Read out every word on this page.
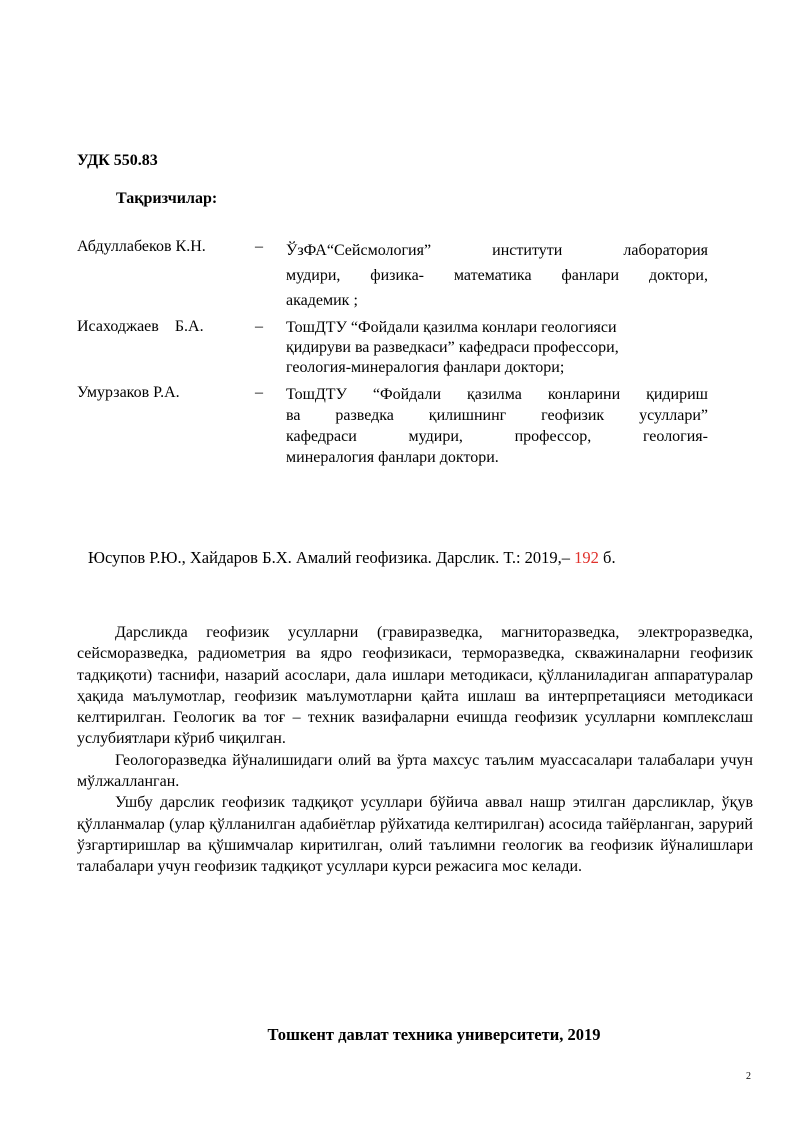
УДК 550.83
Тақризчилар:
Абдуллабеков К.Н.	– ЎзФА“Сейсмология” институти лаборатория
мудири, физика- математика фанлари доктори,
академик ;
Исаходжаев    Б.А.	– ТошДТУ “Фойдали қазилма конлари геологияси
қидируви ва разведкаси” кафедраси профессори,
геология-минералогия фанлари доктори;
Умурзаков Р.А.	– ТошДТУ “Фойдали қазилма конларини қидириш
ва разведка қилишнинг геофизик усуллари”
кафедраси мудири, профессор, геология-
минералогия фанлари доктори.
Юсупов Р.Ю., Хайдаров Б.Х. Амалий геофизика. Дарслик. Т.: 2019,– 192 б.

Дарсликда геофизик усулларни (гравиразведка, магниторазведка, электроразведка, сейсморазведка, радиометрия ва ядро геофизикаси, терморазведка, скважиналарни геофизик тадқиқоти) таснифи, назарий асослари, дала ишлари методикаси, қўлланиладиган аппаратуралар ҳақида маълумотлар, геофизик маълумотларни қайта ишлаш ва интерпретацияси методикаси келтирилган. Геологик ва тоғ – техник вазифаларни ечишда геофизик усулларни комплекслаш услубиятлари кўриб чиқилган.

Геологоразведка йўналишидаги олий ва ўрта махсус таълим муассасалари талабалари учун мўлжалланган.

Ушбу дарслик геофизик тадқиқот усуллари бўйича аввал нашр этилган дарсликлар, ўқув қўлланмалар (улар қўлланилган адабиётлар рўйхатида келтирилган) асосида тайёрланган, зарурий ўзгартиришлар ва қўшимчалар киритилган, олий таълимни геологик ва геофизик йўналишлари талабалари учун геофизик тадқиқот усуллари курси режасига мос келади.

Тошкент давлат техника университети, 2019
2
